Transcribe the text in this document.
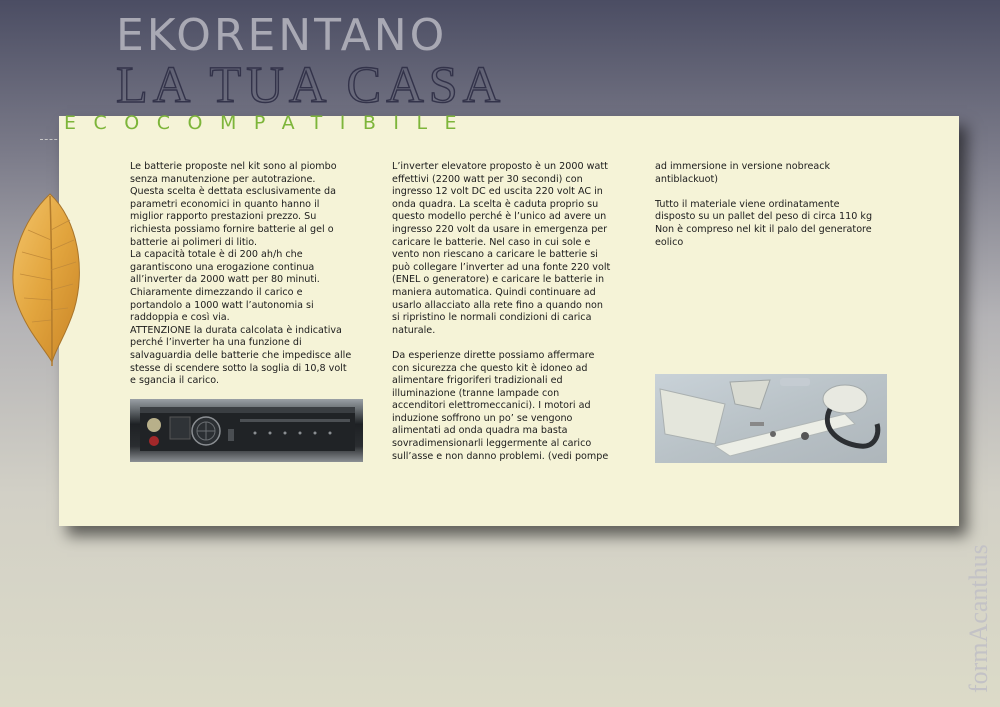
EKORENTANO
LA TUA CASA
ECOCOMPATIBILE
Le batterie proposte nel kit sono al piombo
senza manutenzione per autotrazione.
Questa scelta è dettata esclusivamente da
parametri economici in quanto hanno il
miglior rapporto prestazioni prezzo. Su
richiesta possiamo fornire batterie al gel o
batterie ai polimeri di litio.
La capacità totale è di 200 ah/h che
garantiscono una erogazione continua
all’inverter da 2000 watt per 80 minuti.
Chiaramente dimezzando il carico e
portandolo a 1000 watt l’autonomia si
raddoppia e così via.
ATTENZIONE la durata calcolata è indicativa
perché l’inverter ha una funzione di
salvaguardia delle batterie che impedisce alle
stesse di scendere sotto la soglia di 10,8 volt
e sgancia il carico.
L’inverter elevatore proposto è un 2000 watt
effettivi (2200 watt per 30 secondi) con
ingresso 12 volt DC ed uscita 220 volt AC in
onda quadra. La scelta è caduta proprio su
questo modello perché è l’unico ad avere un
ingresso 220 volt da usare in emergenza per
caricare le batterie. Nel caso in cui sole e
vento non riescano a caricare le batterie si
può collegare l’inverter ad una fonte 220 volt
(ENEL o generatore) e caricare le batterie in
maniera automatica. Quindi continuare ad
usarlo allacciato alla rete fino a quando non
si ripristino le normali condizioni di carica
naturale.

Da esperienze dirette possiamo affermare
con sicurezza che questo kit è idoneo ad
alimentare frigoriferi tradizionali ed
illuminazione (tranne lampade con
accenditori elettromeccanici). I motori ad
induzione soffrono un po’ se vengono
alimentati ad onda quadra ma basta
sovradimensionarli leggermente al carico
sull’asse e non danno problemi. (vedi pompe
ad immersione in versione nobreack
antiblackuot)

Tutto il materiale viene ordinatamente
disposto su un pallet del peso di circa 110 kg
Non è compreso nel kit il palo del generatore
eolico
formAcanthus
